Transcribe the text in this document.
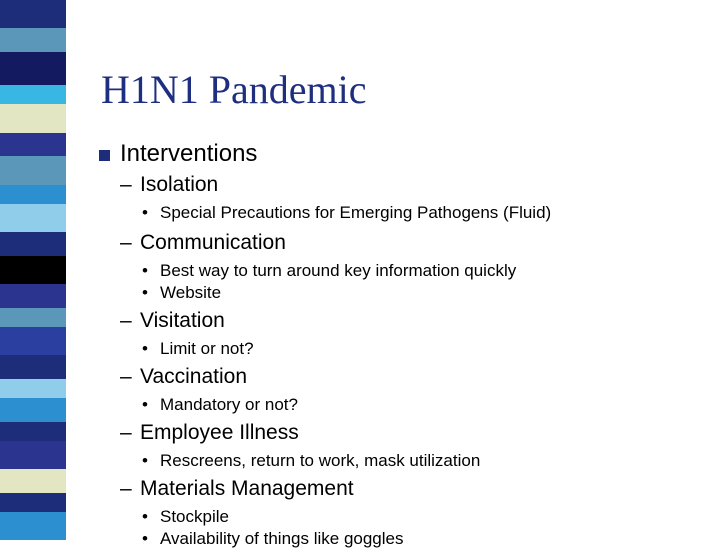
H1N1 Pandemic
Interventions
– Isolation
• Special Precautions for Emerging Pathogens (Fluid)
– Communication
• Best way to turn around key information quickly
• Website
– Visitation
• Limit or not?
– Vaccination
• Mandatory or not?
– Employee Illness
• Rescreens, return to work, mask utilization
– Materials Management
• Stockpile
• Availability of things like goggles
